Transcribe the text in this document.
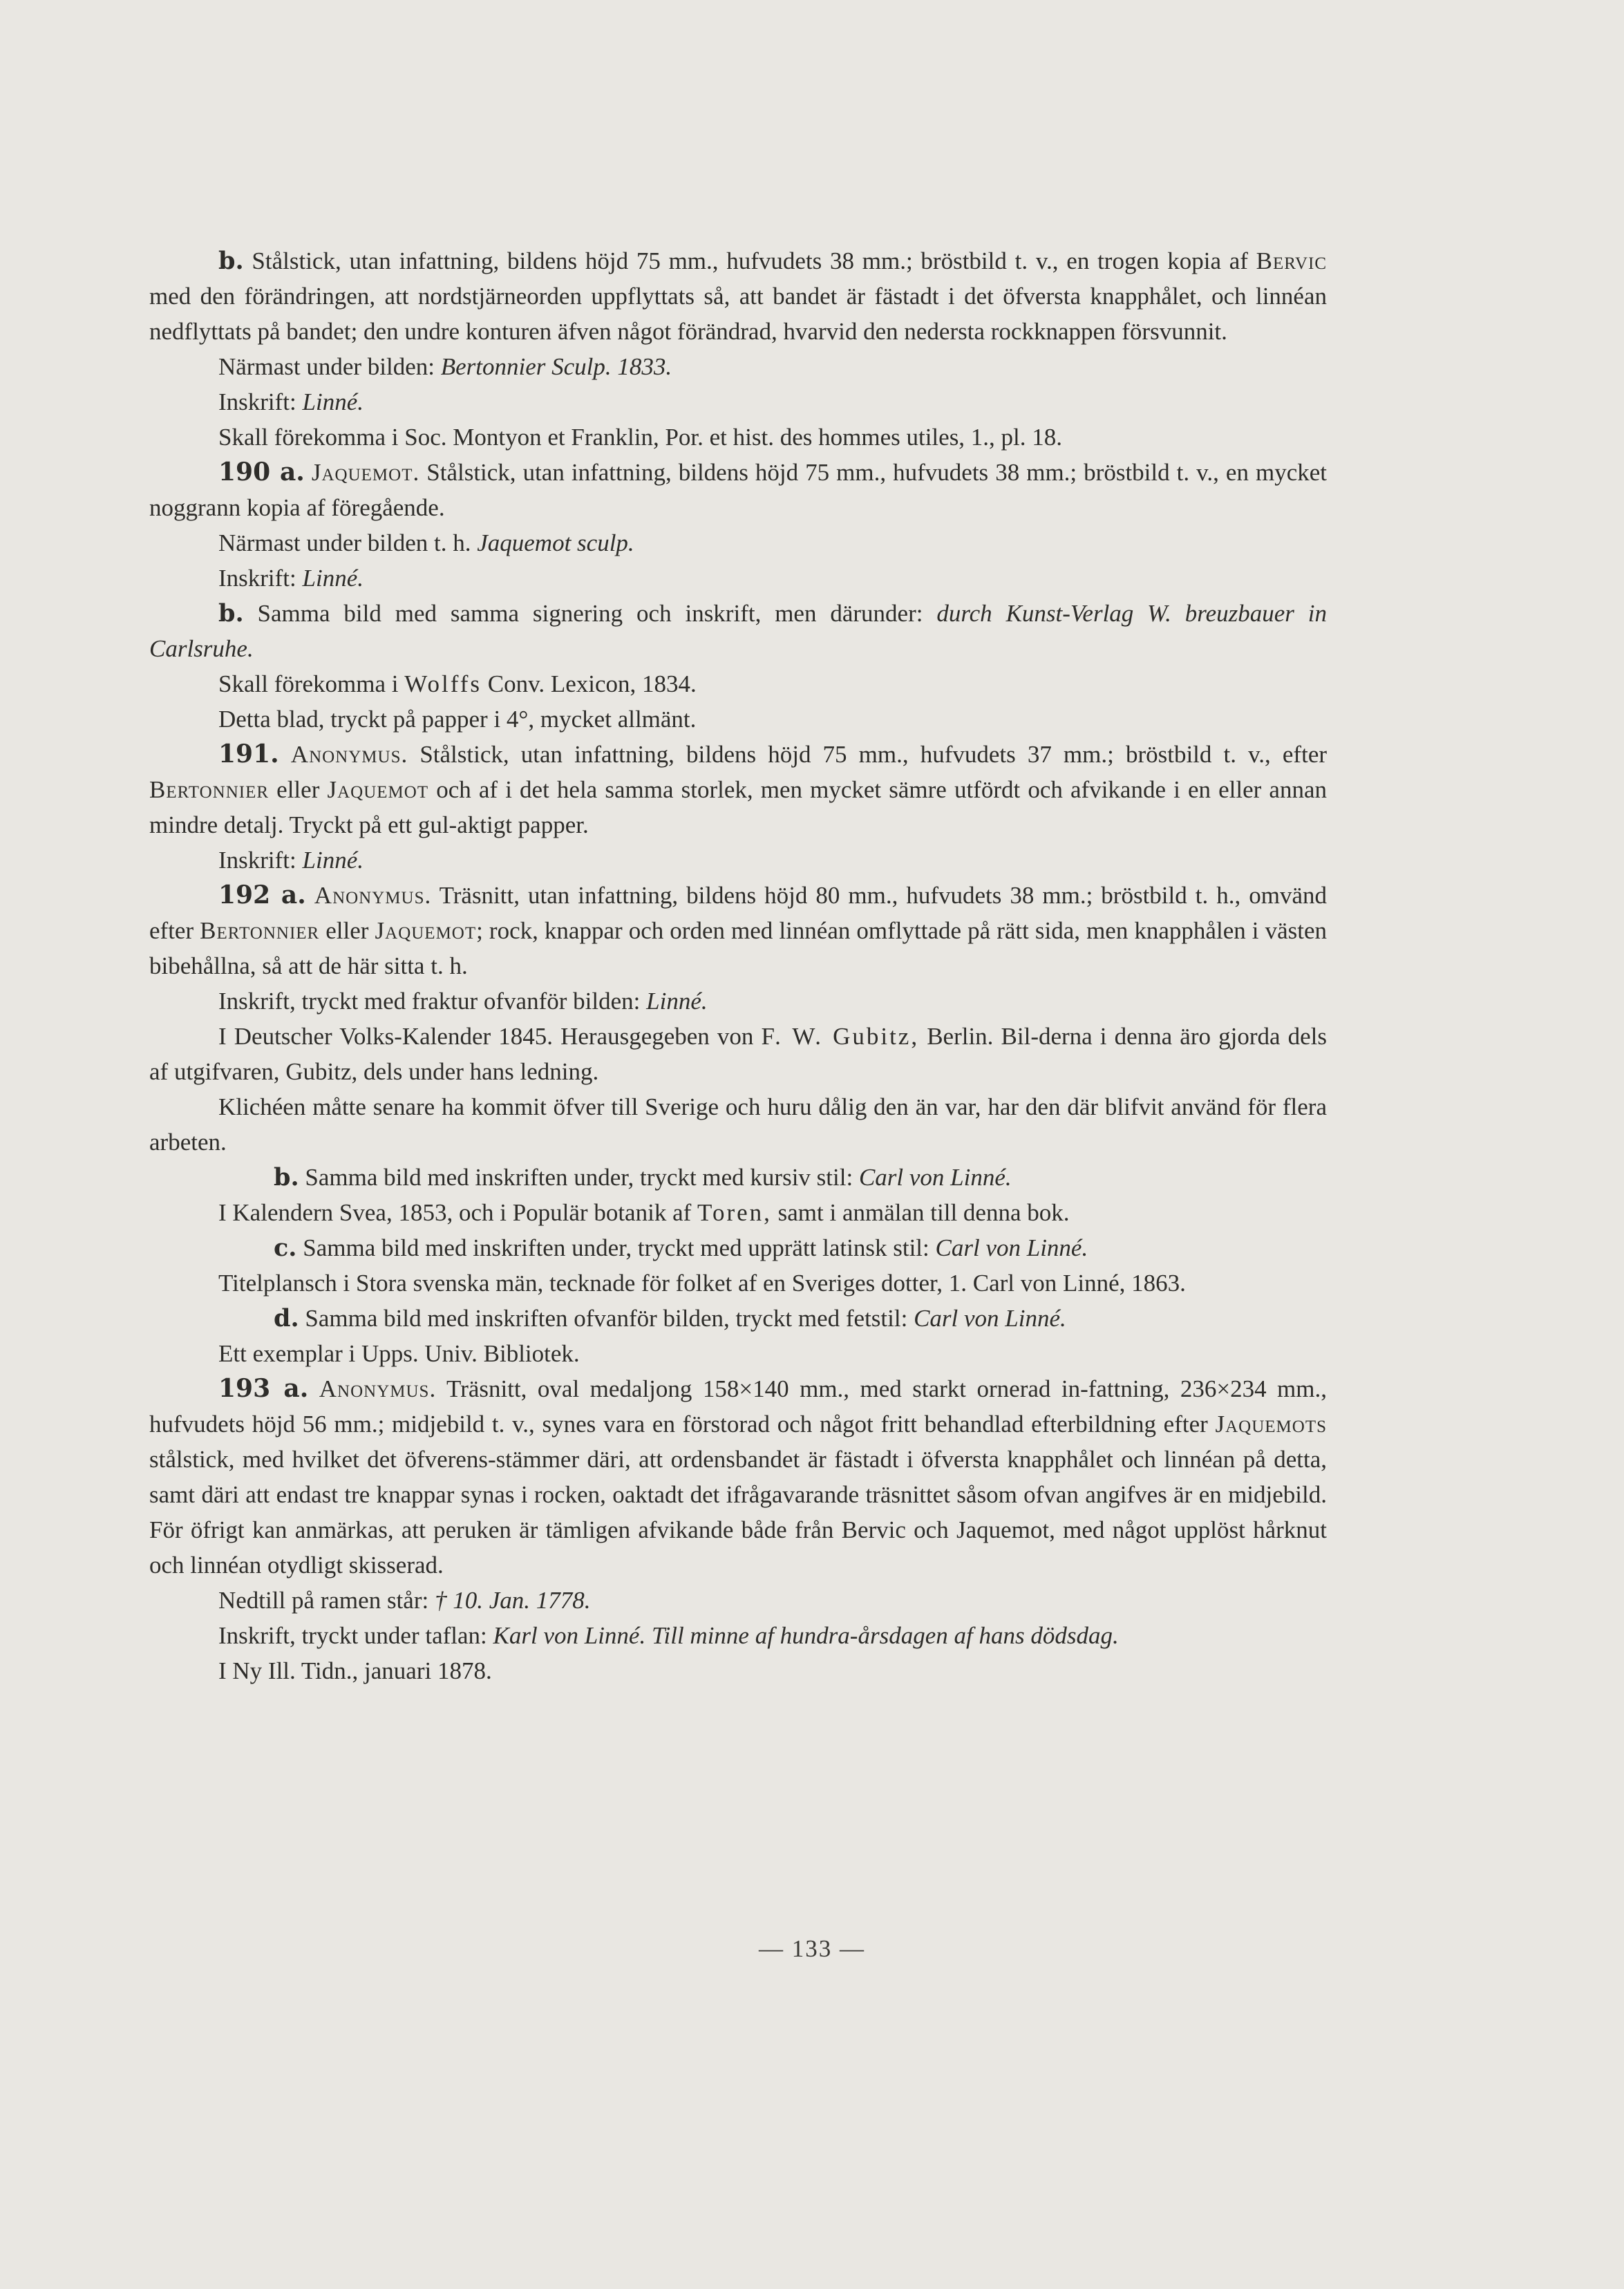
b. Stålstick, utan infattning, bildens höjd 75 mm., hufvudets 38 mm.; bröstbild t. v., en trogen kopia af Bervic med den förändringen, att nordstjärneorden uppflyttats så, att bandet är fästadt i det öfversta knapphålet, och linnéan nedflyttats på bandet; den undre konturen äfven något förändrad, hvarvid den nedersta rockknappen försvunnit.

Närmast under bilden: Bertonnier Sculp. 1833.

Inskrift: Linné.

Skall förekomma i Soc. Montyon et Franklin, Por. et hist. des hommes utiles, 1., pl. 18.

190 a. Jaquemot. Stålstick, utan infattning, bildens höjd 75 mm., hufvudets 38 mm.; bröstbild t. v., en mycket noggrann kopia af föregående.

Närmast under bilden t. h. Jaquemot sculp.

Inskrift: Linné.

b. Samma bild med samma signering och inskrift, men därunder: durch Kunst-Verlag W. breuzbauer in Carlsruhe.

Skall förekomma i Wolffs Conv. Lexicon, 1834.

Detta blad, tryckt på papper i 4°, mycket allmänt.

191. Anonymus. Stålstick, utan infattning, bildens höjd 75 mm., hufvudets 37 mm.; bröstbild t. v., efter Bertonnier eller Jaquemot och af i det hela samma storlek, men mycket sämre utfördt och afvikande i en eller annan mindre detalj. Tryckt på ett gul-aktigt papper.

Inskrift: Linné.

192 a. Anonymus. Träsnitt, utan infattning, bildens höjd 80 mm., hufvudets 38 mm.; bröstbild t. h., omvänd efter Bertonnier eller Jaquemot; rock, knappar och orden med linnéan omflyttade på rätt sida, men knapphålen i västen bibehållna, så att de här sitta t. h.

Inskrift, tryckt med fraktur ofvanför bilden: Linné.

I Deutscher Volks-Kalender 1845. Herausgegeben von F. W. Gubitz, Berlin. Bil-derna i denna äro gjorda dels af utgifvaren, Gubitz, dels under hans ledning.

Klichéen måtte senare ha kommit öfver till Sverige och huru dålig den än var, har den där blifvit använd för flera arbeten.

b. Samma bild med inskriften under, tryckt med kursiv stil: Carl von Linné.

I Kalendern Svea, 1853, och i Populär botanik af Toren, samt i anmälan till denna bok.

c. Samma bild med inskriften under, tryckt med upprätt latinsk stil: Carl von Linné.

Titelplansch i Stora svenska män, tecknade för folket af en Sveriges dotter, 1. Carl von Linné, 1863.

d. Samma bild med inskriften ofvanför bilden, tryckt med fetstil: Carl von Linné.

Ett exemplar i Upps. Univ. Bibliotek.

193 a. Anonymus. Träsnitt, oval medaljong 158×140 mm., med starkt ornerad in-fattning, 236×234 mm., hufvudets höjd 56 mm.; midjebild t. v., synes vara en förstorad och något fritt behandlad efterbildning efter Jaquemots stålstick, med hvilket det öfverens-stämmer däri, att ordensbandet är fästadt i öfversta knapphålet och linnéan på detta, samt däri att endast tre knappar synas i rocken, oaktadt det ifrågavarande träsnittet såsom ofvan angifves är en midjebild. För öfrigt kan anmärkas, att peruken är tämligen afvikande både från Bervic och Jaquemot, med något upplöst hårknut och linnéan otydligt skisserad.

Nedtill på ramen står: † 10. Jan. 1778.

Inskrift, tryckt under taflan: Karl von Linné. Till minne af hundra-årsdagen af hans dödsdag.

I Ny Ill. Tidn., januari 1878.

— 133 —
